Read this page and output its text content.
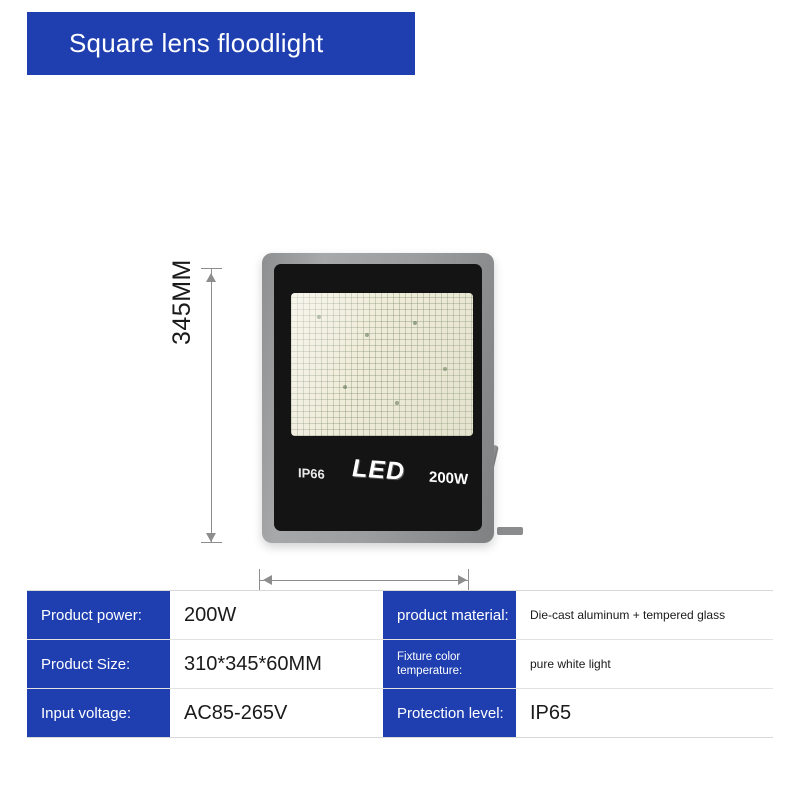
Square lens floodlight
345MM
IP66 LED 200W
Product power:	200W	product material:	Die-cast aluminum + tempered glass
Product Size:	310*345*60MM	Fixture color temperature:	pure white light
Input voltage:	AC85-265V	Protection level:	IP65
